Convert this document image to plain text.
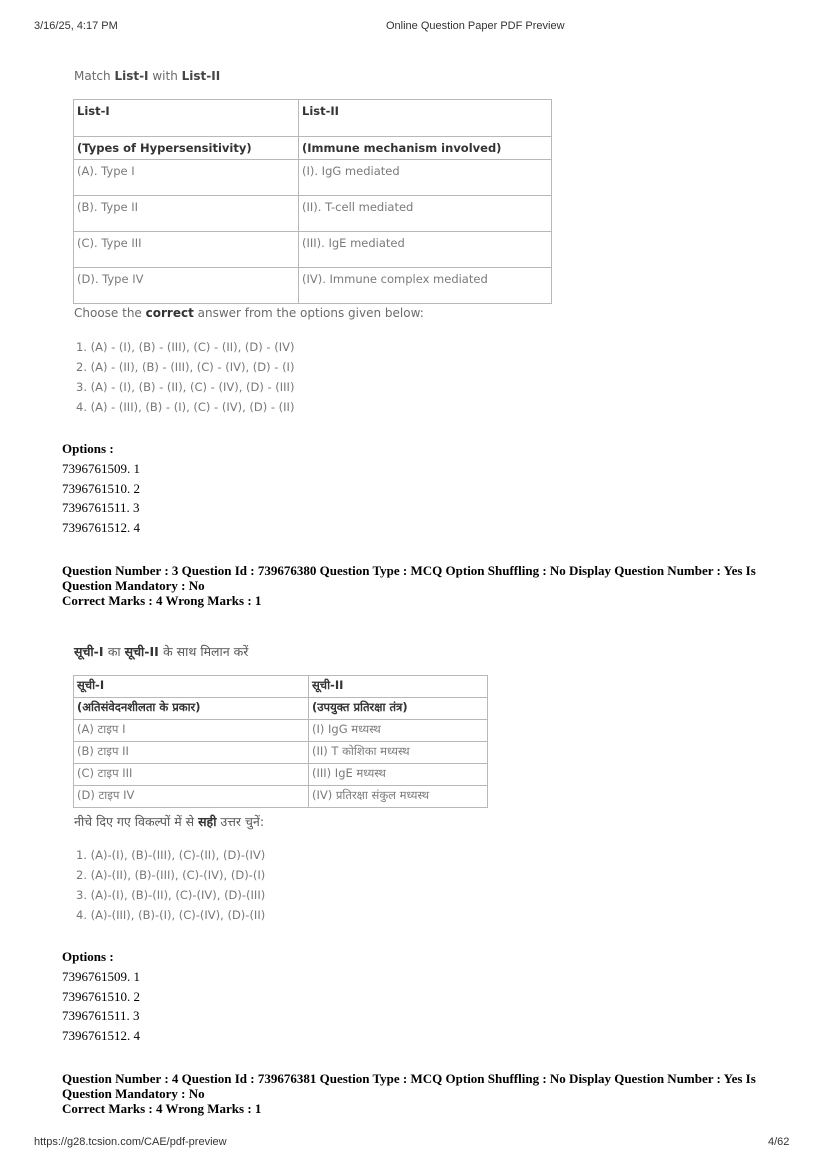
3/16/25, 4:17 PM	Online Question Paper PDF Preview
Match List-I with List-II
List-I	List-II
(Types of Hypersensitivity)	(Immune mechanism involved)
(A). Type I	(I). IgG mediated
(B). Type II	(II). T-cell mediated
(C). Type III	(III). IgE mediated
(D). Type IV	(IV). Immune complex mediated
Choose the correct answer from the options given below:
1. (A) - (I), (B) - (III), (C) - (II), (D) - (IV)
2. (A) - (II), (B) - (III), (C) - (IV), (D) - (I)
3. (A) - (I), (B) - (II), (C) - (IV), (D) - (III)
4. (A) - (III), (B) - (I), (C) - (IV), (D) - (II)
Options :
7396761509. 1
7396761510. 2
7396761511. 3
7396761512. 4
Question Number : 3 Question Id : 739676380 Question Type : MCQ Option Shuffling : No Display Question Number : Yes Is
Question Mandatory : No
Correct Marks : 4 Wrong Marks : 1
सूची-I का सूची-II के साथ मिलान करें
सूची-I	सूची-II
(अतिसंवेदनशीलता के प्रकार)	(उपयुक्त प्रतिरक्षा तंत्र)
(A) टाइप I	(I) IgG मध्यस्थ
(B) टाइप II	(II) T कोशिका मध्यस्थ
(C) टाइप III	(III) IgE मध्यस्थ
(D) टाइप IV	(IV) प्रतिरक्षा संकुल मध्यस्थ
नीचे दिए गए विकल्पों में से सही उत्तर चुनें:
1. (A)-(I), (B)-(III), (C)-(II), (D)-(IV)
2. (A)-(II), (B)-(III), (C)-(IV), (D)-(I)
3. (A)-(I), (B)-(II), (C)-(IV), (D)-(III)
4. (A)-(III), (B)-(I), (C)-(IV), (D)-(II)
Options :
7396761509. 1
7396761510. 2
7396761511. 3
7396761512. 4
Question Number : 4 Question Id : 739676381 Question Type : MCQ Option Shuffling : No Display Question Number : Yes Is
Question Mandatory : No
Correct Marks : 4 Wrong Marks : 1
https://g28.tcsion.com/CAE/pdf-preview	4/62
